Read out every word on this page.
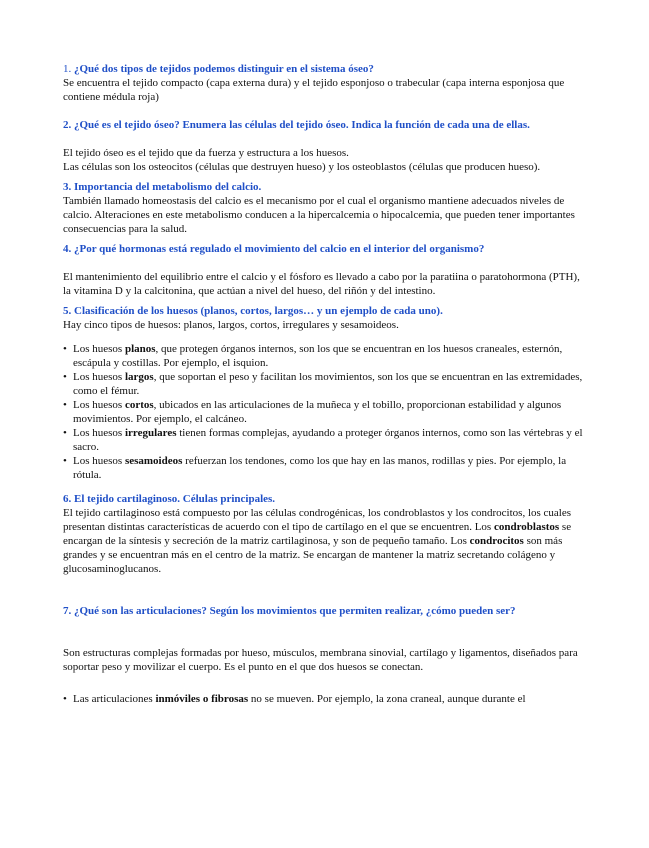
1. ¿Qué dos tipos de tejidos podemos distinguir en el sistema óseo?

Se encuentra el tejido compacto (capa externa dura) y el tejido esponjoso o trabecular (capa interna esponjosa que contiene médula roja)

2. ¿Qué es el tejido óseo? Enumera las células del tejido óseo. Indica la función de cada una de ellas.

El tejido óseo es el tejido que da fuerza y estructura a los huesos.

Las células son los osteocitos (células que destruyen hueso) y los osteoblastos (células que producen hueso).

3. Importancia del metabolismo del calcio.

También llamado homeostasis del calcio es el mecanismo por el cual el organismo mantiene adecuados niveles de calcio. Alteraciones en este metabolismo conducen a la hipercalcemia o hipocalcemia, que pueden tener importantes consecuencias para la salud.

4. ¿Por qué hormonas está regulado el movimiento del calcio en el interior del organismo?

El mantenimiento del equilibrio entre el calcio y el fósforo es llevado a cabo por la paratiina o paratohormona (PTH), la vitamina D y la calcitonina, que actúan a nivel del hueso, del riñón y del intestino.

5. Clasificación de los huesos (planos, cortos, largos… y un ejemplo de cada uno).

Hay cinco tipos de huesos: planos, largos, cortos, irregulares y sesamoideos.

• Los huesos planos, que protegen órganos internos, son los que se encuentran en los huesos craneales, esternón, escápula y costillas. Por ejemplo, el isquion.
• Los huesos largos, que soportan el peso y facilitan los movimientos, son los que se encuentran en las extremidades, como el fémur.
• Los huesos cortos, ubicados en las articulaciones de la muñeca y el tobillo, proporcionan estabilidad y algunos movimientos. Por ejemplo, el calcáneo.
• Los huesos irregulares tienen formas complejas, ayudando a proteger órganos internos, como son las vértebras y el sacro.
• Los huesos sesamoideos refuerzan los tendones, como los que hay en las manos, rodillas y pies. Por ejemplo, la rótula.

6. El tejido cartilaginoso. Células principales.

El tejido cartilaginoso está compuesto por las células condrogénicas, los condroblastos y los condrocitos, los cuales presentan distintas características de acuerdo con el tipo de cartílago en el que se encuentren. Los condroblastos se encargan de la síntesis y secreción de la matriz cartilaginosa, y son de pequeño tamaño. Los condrocitos son más grandes y se encuentran más en el centro de la matriz. Se encargan de mantener la matriz secretando colágeno y glucosaminoglucanos.

7. ¿Qué son las articulaciones? Según los movimientos que permiten realizar, ¿cómo pueden ser?

Son estructuras complejas formadas por hueso, músculos, membrana sinovial, cartílago y ligamentos, diseñados para soportar peso y movilizar el cuerpo. Es el punto en el que dos huesos se conectan.

• Las articulaciones inmóviles o fibrosas no se mueven. Por ejemplo, la zona craneal, aunque durante el
